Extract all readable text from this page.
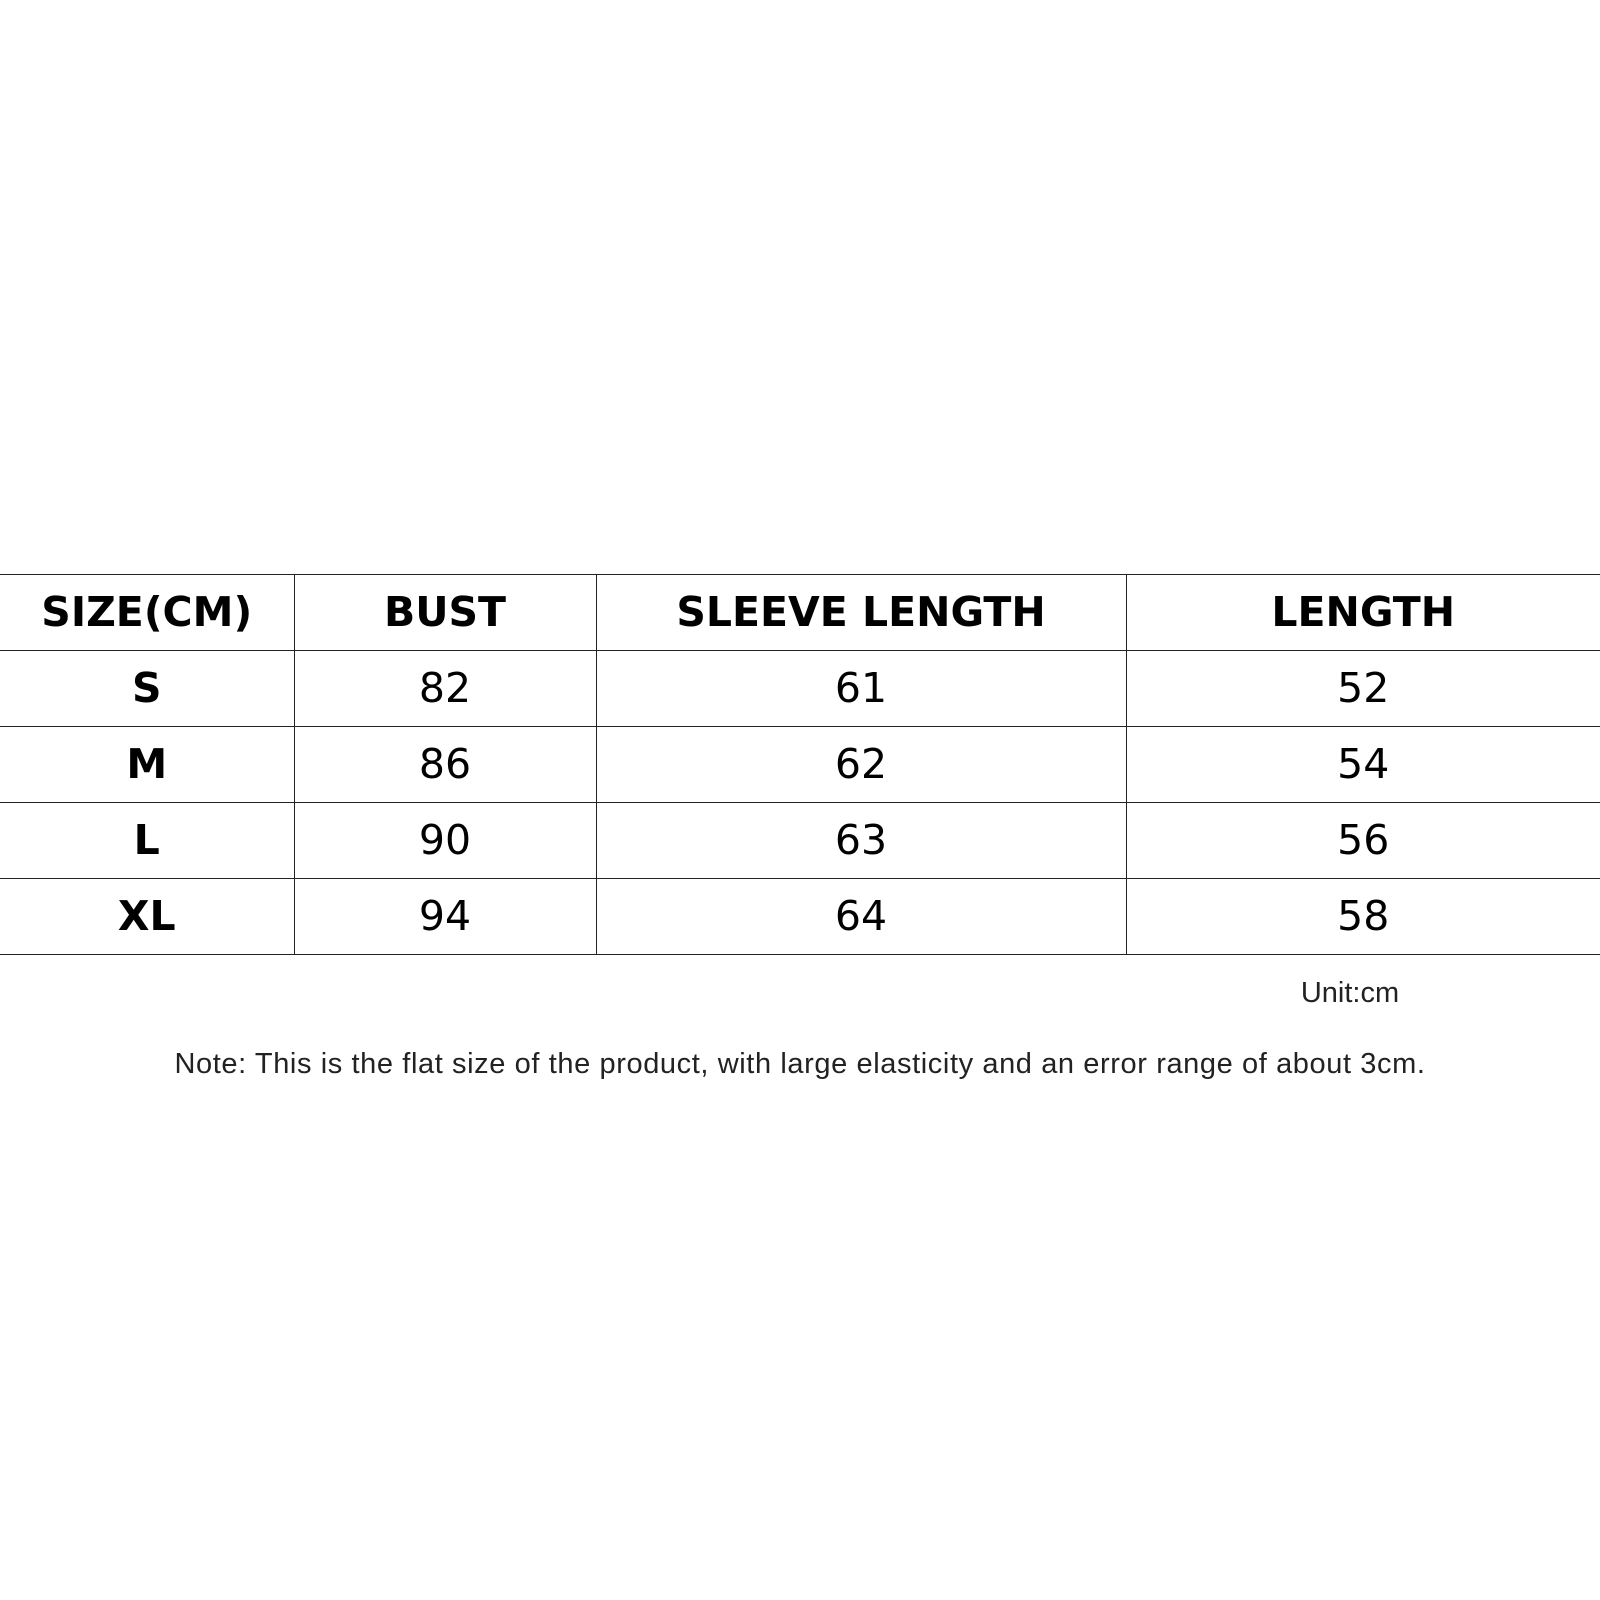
SIZE(CM)	BUST	SLEEVE LENGTH	LENGTH
S	82	61	52
M	86	62	54
L	90	63	56
XL	94	64	58
Unit:cm
Note: This is the flat size of the product, with large elasticity and an error range of about 3cm.
